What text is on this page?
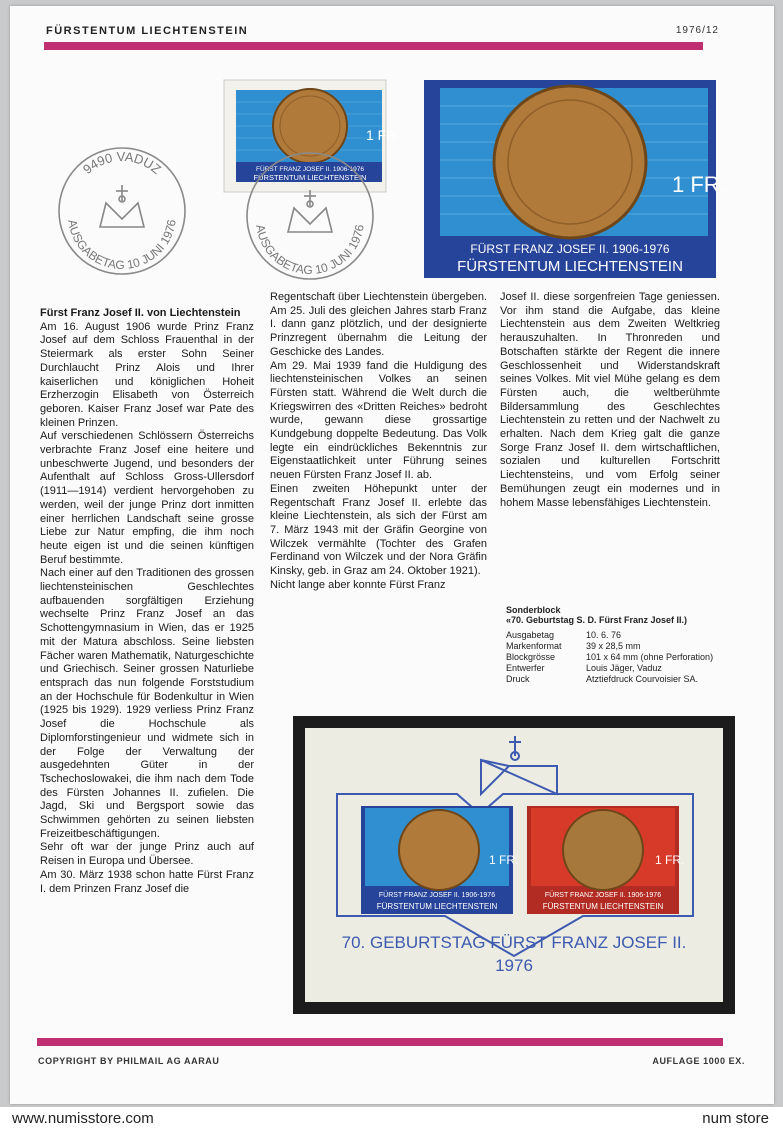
FÜRSTENTUM LIECHTENSTEIN	1976/12
9490 VADUZ
AUSGABETAG 10 JUNI 1976
1 FR.
FÜRST FRANZ JOSEF II. 1906-1976
FÜRSTENTUM LIECHTENSTEIN
AUSGABETAG 10 JUNI 1976
1 FR.
FÜRST FRANZ JOSEF II. 1906-1976
FÜRSTENTUM LIECHTENSTEIN

Fürst Franz Josef II. von Liechtenstein

Am 16. August 1906 wurde Prinz Franz Josef auf dem Schloss Frauenthal in der Steiermark als erster Sohn Seiner Durchlaucht Prinz Alois und Ihrer kaiserlichen und königlichen Hoheit Erzherzogin Elisabeth von Österreich geboren. Kaiser Franz Josef war Pate des kleinen Prinzen.

Auf verschiedenen Schlössern Österreichs verbrachte Franz Josef eine heitere und unbeschwerte Jugend, und besonders der Aufenthalt auf Schloss Gross-Ullersdorf (1911—1914) verdient hervorgehoben zu werden, weil der junge Prinz dort inmitten einer herrlichen Landschaft seine grosse Liebe zur Natur empfing, die ihm noch heute eigen ist und die seinen künftigen Beruf bestimmte.

Nach einer auf den Traditionen des grossen liechtensteinischen Geschlechtes aufbauenden sorgfältigen Erziehung wechselte Prinz Franz Josef an das Schottengymnasium in Wien, das er 1925 mit der Matura abschloss. Seine liebsten Fächer waren Mathematik, Naturgeschichte und Griechisch. Seiner grossen Naturliebe entsprach das nun folgende Forststudium an der Hochschule für Bodenkultur in Wien (1925 bis 1929). 1929 verliess Prinz Franz Josef die Hochschule als Diplomforstingenieur und widmete sich in der Folge der Verwaltung der ausgedehnten Güter in der Tschechoslowakei, die ihm nach dem Tode des Fürsten Johannes II. zufielen. Die Jagd, Ski und Bergsport sowie das Schwimmen gehörten zu seinen liebsten Freizeitbeschäftigungen.

Sehr oft war der junge Prinz auch auf Reisen in Europa und Übersee.

Am 30. März 1938 schon hatte Fürst Franz I. dem Prinzen Franz Josef die

Regentschaft über Liechtenstein übergeben. Am 25. Juli des gleichen Jahres starb Franz I. dann ganz plötzlich, und der designierte Prinzregent übernahm die Leitung der Geschicke des Landes.

Am 29. Mai 1939 fand die Huldigung des liechtensteinischen Volkes an seinen Fürsten statt. Während die Welt durch die Kriegswirren des «Dritten Reiches» bedroht wurde, gewann diese grossartige Kundgebung doppelte Bedeutung. Das Volk legte ein eindrückliches Bekenntnis zur Eigenstaatlichkeit unter Führung seines neuen Fürsten Franz Josef II. ab.

Einen zweiten Höhepunkt unter der Regentschaft Franz Josef II. erlebte das kleine Liechtenstein, als sich der Fürst am 7. März 1943 mit der Gräfin Georgine von Wilczek vermählte (Tochter des Grafen Ferdinand von Wilczek und der Nora Gräfin Kinsky, geb. in Graz am 24. Oktober 1921).

Nicht lange aber konnte Fürst Franz

Josef II. diese sorgenfreien Tage geniessen. Vor ihm stand die Aufgabe, das kleine Liechtenstein aus dem Zweiten Weltkrieg herauszuhalten. In Thronreden und Botschaften stärkte der Regent die innere Geschlossenheit und Widerstandskraft seines Volkes. Mit viel Mühe gelang es dem Fürsten auch, die weltberühmte Bildersammlung des Geschlechtes Liechtenstein zu retten und der Nachwelt zu erhalten. Nach dem Krieg galt die ganze Sorge Franz Josef II. dem wirtschaftlichen, sozialen und kulturellen Fortschritt Liechtensteins, und vom Erfolg seiner Bemühungen zeugt ein modernes und in hohem Masse lebensfähiges Liechtenstein.

Sonderblock
«70. Geburtstag S. D. Fürst Franz Josef II.)
Ausgabetag	10. 6. 76
Markenformat	39 x 28,5 mm
Blockgrösse	101 x 64 mm (ohne Perforation)
Entwerfer	Louis Jäger, Vaduz
Druck	Atztiefdruck Courvoisier SA.
1 FR.
FÜRST FRANZ JOSEF II. 1906-1976
FÜRSTENTUM LIECHTENSTEIN
1 FR.
FÜRST FRANZ JOSEF II. 1906-1976
FÜRSTENTUM LIECHTENSTEIN
70. GEBURTSTAG FÜRST FRANZ JOSEF II.
1976
COPYRIGHT BY PHILMAIL AG AARAU	AUFLAGE 1000 EX.
www.numisstore.com	num store
